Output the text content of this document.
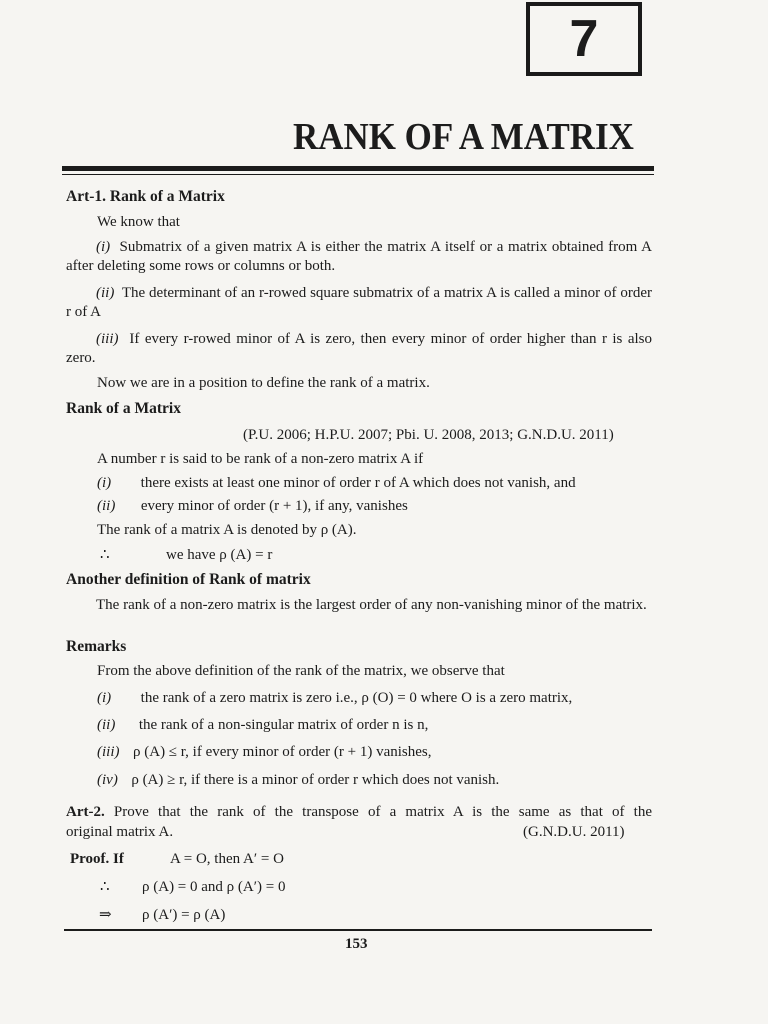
7
RANK OF A MATRIX
Art-1. Rank of a Matrix
We know that
(i) Submatrix of a given matrix A is either the matrix A itself or a matrix obtained from A after deleting some rows or columns or both.
(ii) The determinant of an r-rowed square submatrix of a matrix A is called a minor of order r of A
(iii) If every r-rowed minor of A is zero, then every minor of order higher than r is also zero.
Now we are in a position to define the rank of a matrix.
Rank of a Matrix
(P.U. 2006; H.P.U. 2007; Pbi. U. 2008, 2013; G.N.D.U. 2011)
A number r is said to be rank of a non-zero matrix A if
(i) there exists at least one minor of order r of A which does not vanish, and
(ii) every minor of order (r + 1), if any, vanishes
The rank of a matrix A is denoted by ρ (A).
∴	we have ρ (A) = r
Another definition of Rank of matrix
The rank of a non-zero matrix is the largest order of any non-vanishing minor of the matrix.
Remarks
From the above definition of the rank of the matrix, we observe that
(i) the rank of a zero matrix is zero i.e., ρ (O) = 0 where O is a zero matrix,
(ii) the rank of a non-singular matrix of order n is n,
(iii) ρ (A) ≤ r, if every minor of order (r + 1) vanishes,
(iv) ρ (A) ≥ r, if there is a minor of order r which does not vanish.
Art-2. Prove that the rank of the transpose of a matrix A is the same as that of the
original matrix A.	(G.N.D.U. 2011)
Proof. If	A = O, then A′ = O
∴ ρ (A) = 0 and ρ (A′) = 0
⇒ ρ (A′) = ρ (A)
153
